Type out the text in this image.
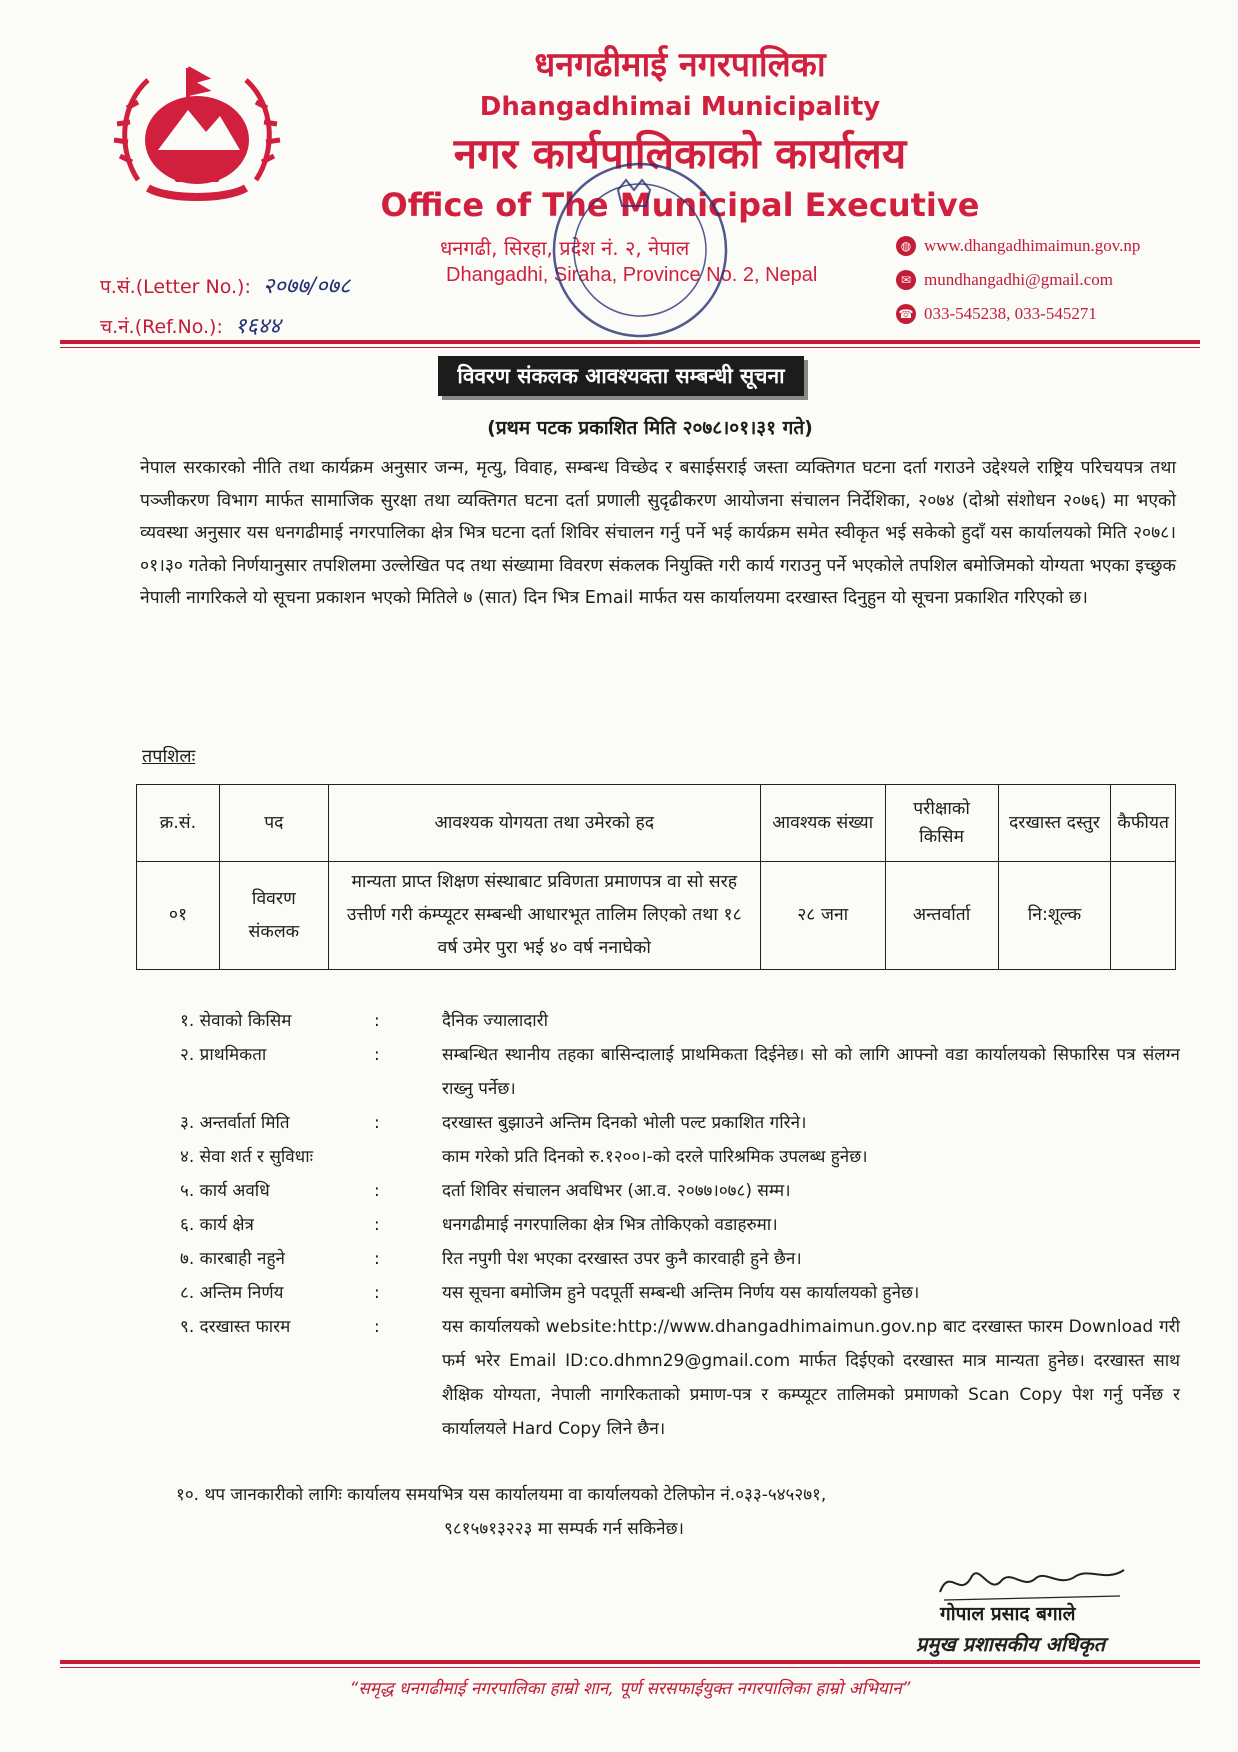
धनगढीमाई नगरपालिका
Dhangadhimai Municipality
नगर कार्यपालिकाको कार्यालय
Office of The Municipal Executive
धनगढी, सिरहा, प्रदेश नं. २, नेपाल
Dhangadhi, Siraha, Province No. 2, Nepal
◍ www.dhangadhimaimun.gov.np
✉ mundhangadhi@gmail.com
☎ 033-545238, 033-545271
प.सं.(Letter No.): २०७७/०७८
च.नं.(Ref.No.): १६४४
विवरण संकलक आवश्यक्ता सम्बन्धी सूचना
(प्रथम पटक प्रकाशित मिति २०७८।०१।३१ गते)
नेपाल सरकारको नीति तथा कार्यक्रम अनुसार जन्म, मृत्यु, विवाह, सम्बन्ध विच्छेद र बसाईसराई जस्ता व्यक्तिगत घटना दर्ता गराउने उद्देश्यले राष्ट्रिय परिचयपत्र तथा पञ्जीकरण विभाग मार्फत सामाजिक सुरक्षा तथा व्यक्तिगत घटना दर्ता प्रणाली सुदृढीकरण आयोजना संचालन निर्देशिका, २०७४ (दोश्रो संशोधन २०७६) मा भएको व्यवस्था अनुसार यस धनगढीमाई नगरपालिका क्षेत्र भित्र घटना दर्ता शिविर संचालन गर्नु पर्ने भई कार्यक्रम समेत स्वीकृत भई सकेको हुदाँ यस कार्यालयको मिति २०७८।०१।३० गतेको निर्णयानुसार तपशिलमा उल्लेखित पद तथा संख्यामा विवरण संकलक नियुक्ति गरी कार्य गराउनु पर्ने भएकोले तपशिल बमोजिमको योग्यता भएका इच्छुक नेपाली नागरिकले यो सूचना प्रकाशन भएको मितिले ७ (सात) दिन भित्र Email मार्फत यस कार्यालयमा दरखास्त दिनुहुन यो सूचना प्रकाशित गरिएको छ।
तपशिलः
क्र.सं.	पद	आवश्यक योगयता तथा उमेरको हद	आवश्यक संख्या	परीक्षाको किसिम	दरखास्त दस्तुर	कैफीयत
०१	विवरण संकलक	मान्यता प्राप्त शिक्षण संस्थाबाट प्रविणता प्रमाणपत्र वा सो सरह उत्तीर्ण गरी कंम्प्यूटर सम्बन्धी आधारभूत तालिम लिएको तथा १८ वर्ष उमेर पुरा भई ४० वर्ष ननाघेको	२८ जना	अन्तर्वार्ता	नि:शूल्क	
१. सेवाको किसिम	:	दैनिक ज्यालादारी
२. प्राथमिकता	:	सम्बन्धित स्थानीय तहका बासिन्दालाई प्राथमिकता दिईनेछ। सो को लागि आफ्नो वडा कार्यालयको सिफारिस पत्र संलग्न राख्नु पर्नेछ।
३. अन्तर्वार्ता मिति	:	दरखास्त बुझाउने अन्तिम दिनको भोली पल्ट प्रकाशित गरिने।
४. सेवा शर्त र सुविधाः	काम गरेको प्रति दिनको रु.१२००।-को दरले पारिश्रमिक उपलब्ध हुनेछ।
५. कार्य अवधि	:	दर्ता शिविर संचालन अवधिभर (आ.व. २०७७।०७८) सम्म।
६. कार्य क्षेत्र	:	धनगढीमाई नगरपालिका क्षेत्र भित्र तोकिएको वडाहरुमा।
७. कारबाही नहुने	:	रित नपुगी पेश भएका दरखास्त उपर कुनै कारवाही हुने छैन।
८. अन्तिम निर्णय	:	यस सूचना बमोजिम हुने पदपूर्ती सम्बन्धी अन्तिम निर्णय यस कार्यालयको हुनेछ।
९. दरखास्त फारम	:	यस कार्यालयको website:http://www.dhangadhimaimun.gov.np बाट दरखास्त फारम Download गरी फर्म भरेर Email ID:co.dhmn29@gmail.com मार्फत दिईएको दरखास्त मात्र मान्यता हुनेछ। दरखास्त साथ शैक्षिक योग्यता, नेपाली नागरिकताको प्रमाण-पत्र र कम्प्यूटर तालिमको प्रमाणको Scan Copy पेश गर्नु पर्नेछ र कार्यालयले Hard Copy लिने छैन।
१०. थप जानकारीको लागिः कार्यालय समयभित्र यस कार्यालयमा वा कार्यालयको टेलिफोन नं.०३३-५४५२७१,
९८१५७१३२२३ मा सम्पर्क गर्न सकिनेछ।
गोपाल प्रसाद बगाले
प्रमुख प्रशासकीय अधिकृत
“समृद्ध धनगढीमाई नगरपालिका हाम्रो शान, पूर्ण सरसफाईयुक्त नगरपालिका हाम्रो अभियान”
